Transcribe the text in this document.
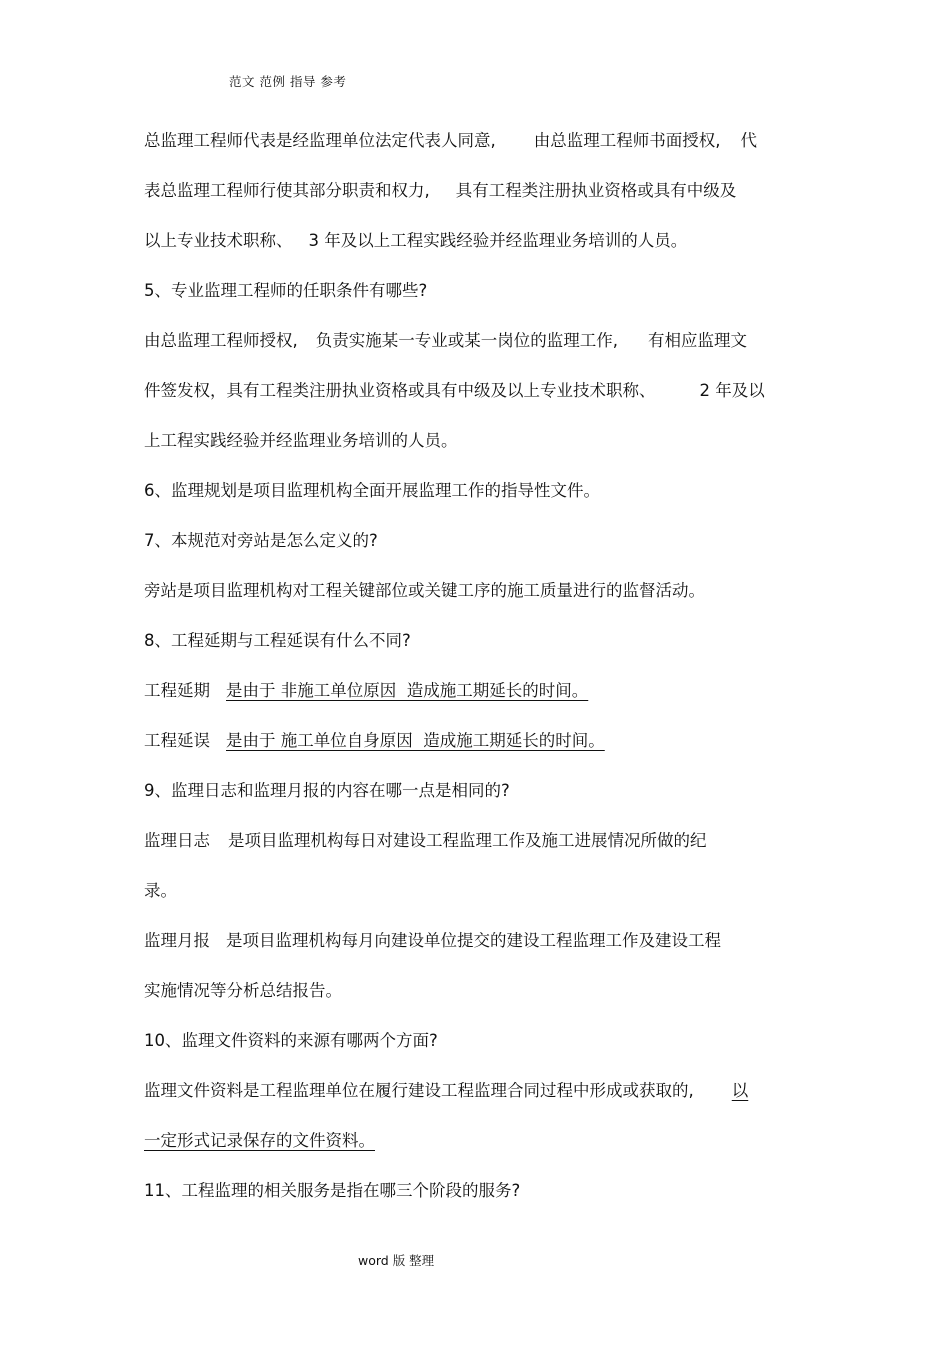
范文 范例 指导 参考
总监理工程师代表是经监理单位法定代表人同意, 由总监理工程师书面授权, 代
表总监理工程师行使其部分职责和权力, 具有工程类注册执业资格或具有中级及
以上专业技术职称、 3 年及以上工程实践经验并经监理业务培训的人员。
5、专业监理工程师的任职条件有哪些?
由总监理工程师授权, 负责实施某一专业或某一岗位的监理工作, 有相应监理文
件签发权，具有工程类注册执业资格或具有中级及以上专业技术职称、	2 年及以
上工程实践经验并经监理业务培训的人员。
6、监理规划是项目监理机构全面开展监理工作的指导性文件。
7、本规范对旁站是怎么定义的?
旁站是项目监理机构对工程关键部位或关键工序的施工质量进行的监督活动。
8、工程延期与工程延误有什么不同?
工程延期 是由于 非施工单位原因  造成施工期延长的时间。
工程延误 是由于 施工单位自身原因  造成施工期延长的时间。
9、监理日志和监理月报的内容在哪一点是相同的?
监理日志 是项目监理机构每日对建设工程监理工作及施工进展情况所做的纪
录。
监理月报 是项目监理机构每月向建设单位提交的建设工程监理工作及建设工程
实施情况等分析总结报告。
10、监理文件资料的来源有哪两个方面?
监理文件资料是工程监理单位在履行建设工程监理合同过程中形成或获取的, 以
一定形式记录保存的文件资料。
11、工程监理的相关服务是指在哪三个阶段的服务?
word 版 整理
